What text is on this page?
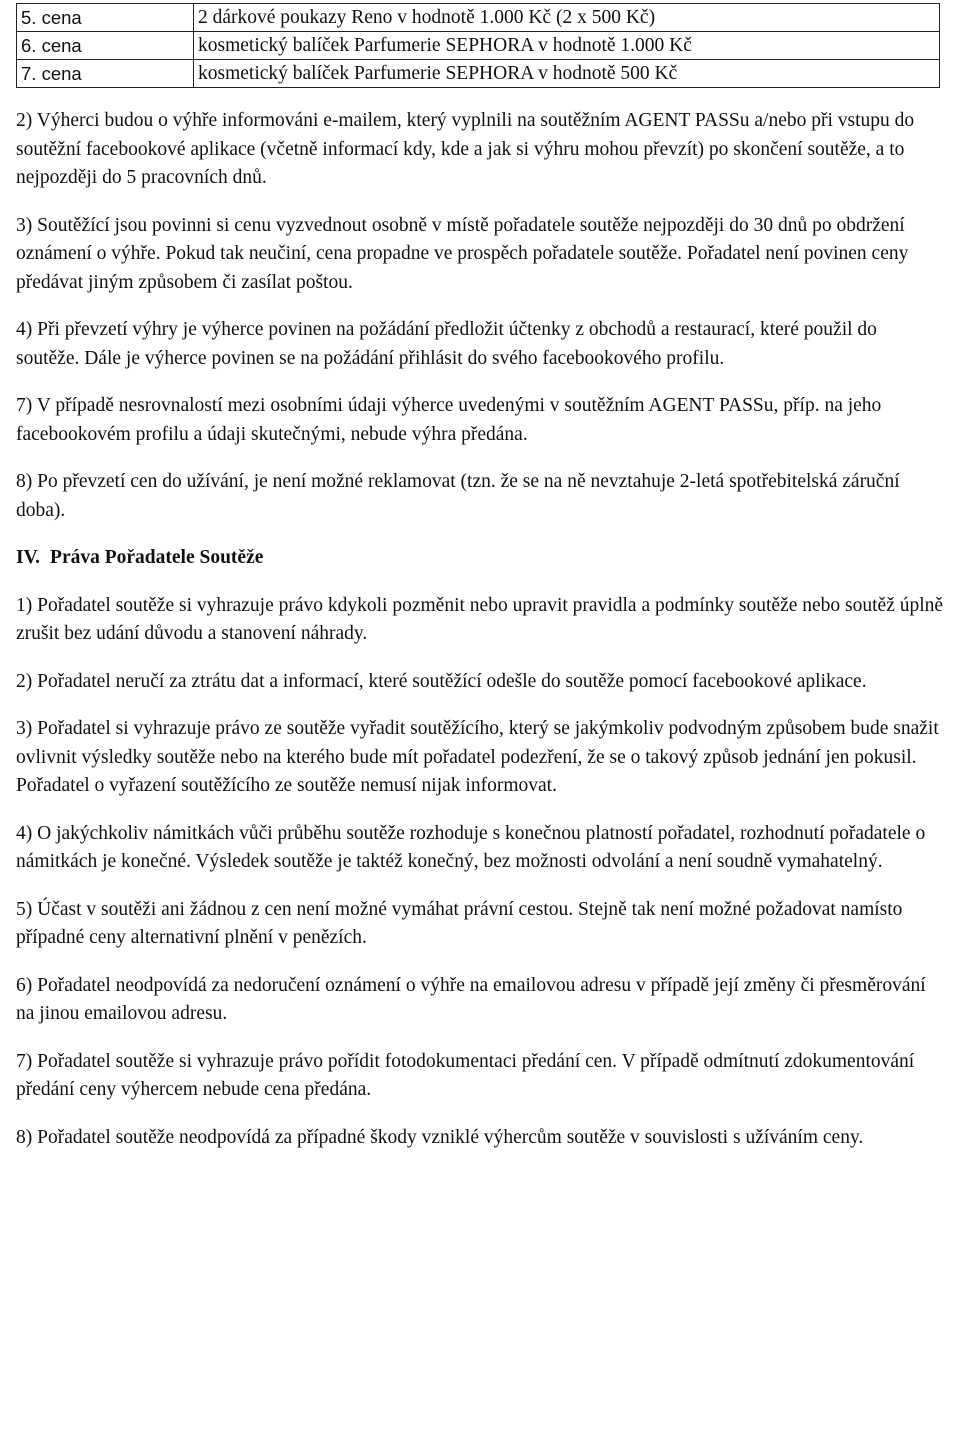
5. cena	2 dárkové poukazy Reno v hodnotě 1.000 Kč (2 x 500 Kč)
6. cena	kosmetický balíček Parfumerie SEPHORA v hodnotě 1.000 Kč
7. cena	kosmetický balíček Parfumerie SEPHORA v hodnotě 500 Kč

2) Výherci budou o výhře informováni e-mailem, který vyplnili na soutěžním AGENT PASSu a/nebo při vstupu do soutěžní facebookové aplikace (včetně informací kdy, kde a jak si výhru mohou převzít) po skončení soutěže, a to nejpozději do 5 pracovních dnů.

3) Soutěžící jsou povinni si cenu vyzvednout osobně v místě pořadatele soutěže nejpozději do 30 dnů po obdržení oznámení o výhře. Pokud tak neučiní, cena propadne ve prospěch pořadatele soutěže. Pořadatel není povinen ceny předávat jiným způsobem či zasílat poštou.

4) Při převzetí výhry je výherce povinen na požádání předložit účtenky z obchodů a restaurací, které použil do soutěže. Dále je výherce povinen se na požádání přihlásit do svého facebookového profilu.

7) V případě nesrovnalostí mezi osobními údaji výherce uvedenými v soutěžním AGENT PASSu, příp. na jeho facebookovém profilu a údaji skutečnými, nebude výhra předána.

8) Po převzetí cen do užívání, je není možné reklamovat (tzn. že se na ně nevztahuje 2-letá spotřebitelská záruční doba).

IV. Práva Pořadatele Soutěže

1) Pořadatel soutěže si vyhrazuje právo kdykoli pozměnit nebo upravit pravidla a podmínky soutěže nebo soutěž úplně zrušit bez udání důvodu a stanovení náhrady.

2) Pořadatel neručí za ztrátu dat a informací, které soutěžící odešle do soutěže pomocí facebookové aplikace.

3) Pořadatel si vyhrazuje právo ze soutěže vyřadit soutěžícího, který se jakýmkoliv podvodným způsobem bude snažit ovlivnit výsledky soutěže nebo na kterého bude mít pořadatel podezření, že se o takový způsob jednání jen pokusil. Pořadatel o vyřazení soutěžícího ze soutěže nemusí nijak informovat.

4) O jakýchkoliv námitkách vůči průběhu soutěže rozhoduje s konečnou platností pořadatel, rozhodnutí pořadatele o námitkách je konečné. Výsledek soutěže je taktéž konečný, bez možnosti odvolání a není soudně vymahatelný.

5) Účast v soutěži ani žádnou z cen není možné vymáhat právní cestou. Stejně tak není možné požadovat namísto případné ceny alternativní plnění v penězích.

6) Pořadatel neodpovídá za nedoručení oznámení o výhře na emailovou adresu v případě její změny či přesměrování na jinou emailovou adresu.

7) Pořadatel soutěže si vyhrazuje právo pořídit fotodokumentaci předání cen. V případě odmítnutí zdokumentování předání ceny výhercem nebude cena předána.

8) Pořadatel soutěže neodpovídá za případné škody vzniklé výhercům soutěže v souvislosti s užíváním ceny.
